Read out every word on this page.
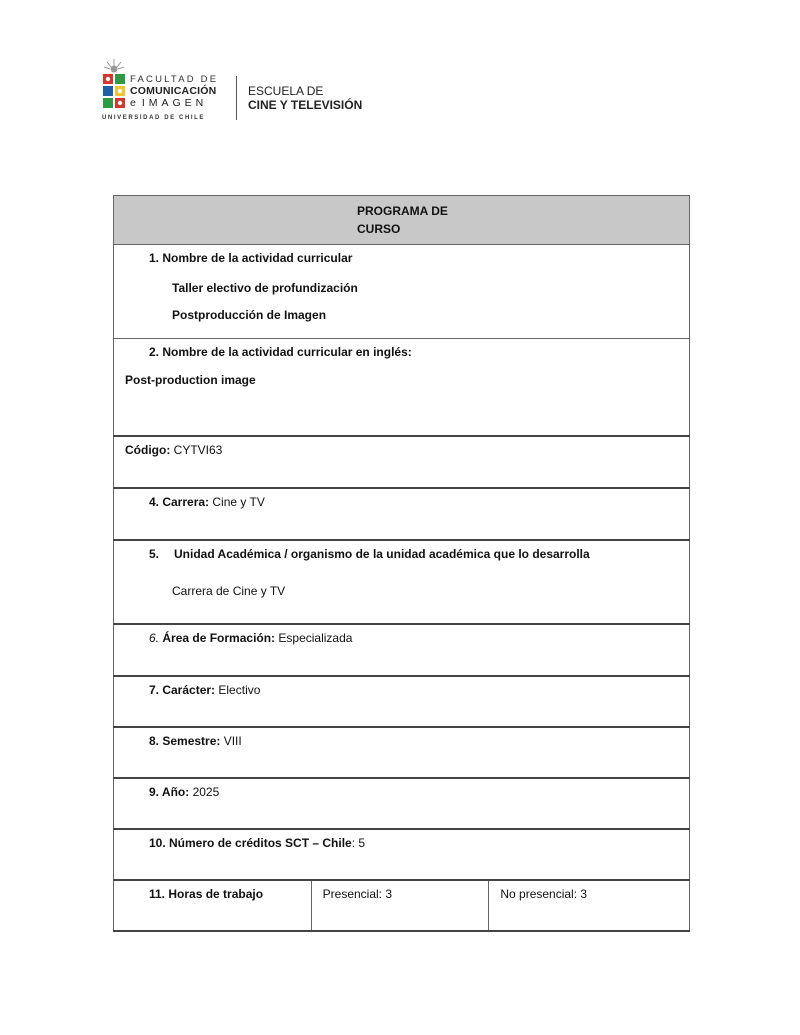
FACULTAD DE
COMUNICACIÓN
e IMAGEN
UNIVERSIDAD DE CHILE
ESCUELA DE
CINE Y TELEVISIÓN
PROGRAMA DE
CURSO

1. Nombre de la actividad curricular
Taller electivo de profundización
Postproducción de Imagen

2. Nombre de la actividad curricular en inglés:
Post-production image

Código: CYTVI63

4. Carrera: Cine y TV

5. Unidad Académica / organismo de la unidad académica que lo desarrolla
Carrera de Cine y TV

6. Área de Formación: Especializada

7. Carácter: Electivo

8. Semestre: VIII

9. Año: 2025

10. Número de créditos SCT – Chile: 5

11. Horas de trabajo	Presencial: 3	No presencial: 3
